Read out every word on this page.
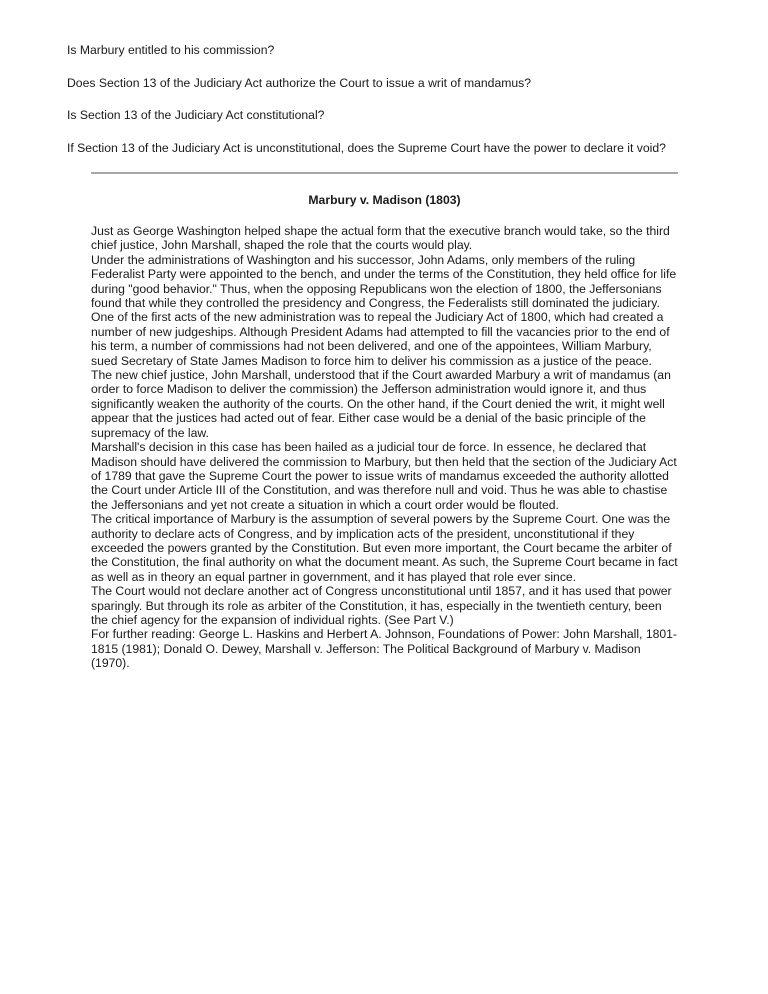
Is Marbury entitled to his commission?

Does Section 13 of the Judiciary Act authorize the Court to issue a writ of mandamus?

Is Section 13 of the Judiciary Act constitutional?

If Section 13 of the Judiciary Act is unconstitutional, does the Supreme Court have the power to declare it void?

Marbury v. Madison (1803)

Just as George Washington helped shape the actual form that the executive branch would take, so the third chief justice, John Marshall, shaped the role that the courts would play.

Under the administrations of Washington and his successor, John Adams, only members of the ruling Federalist Party were appointed to the bench, and under the terms of the Constitution, they held office for life during "good behavior." Thus, when the opposing Republicans won the election of 1800, the Jeffersonians found that while they controlled the presidency and Congress, the Federalists still dominated the judiciary. One of the first acts of the new administration was to repeal the Judiciary Act of 1800, which had created a number of new judgeships. Although President Adams had attempted to fill the vacancies prior to the end of his term, a number of commissions had not been delivered, and one of the appointees, William Marbury, sued Secretary of State James Madison to force him to deliver his commission as a justice of the peace.

The new chief justice, John Marshall, understood that if the Court awarded Marbury a writ of mandamus (an order to force Madison to deliver the commission) the Jefferson administration would ignore it, and thus significantly weaken the authority of the courts. On the other hand, if the Court denied the writ, it might well appear that the justices had acted out of fear. Either case would be a denial of the basic principle of the supremacy of the law.

Marshall's decision in this case has been hailed as a judicial tour de force. In essence, he declared that Madison should have delivered the commission to Marbury, but then held that the section of the Judiciary Act of 1789 that gave the Supreme Court the power to issue writs of mandamus exceeded the authority allotted the Court under Article III of the Constitution, and was therefore null and void. Thus he was able to chastise the Jeffersonians and yet not create a situation in which a court order would be flouted.

The critical importance of Marbury is the assumption of several powers by the Supreme Court. One was the authority to declare acts of Congress, and by implication acts of the president, unconstitutional if they exceeded the powers granted by the Constitution. But even more important, the Court became the arbiter of the Constitution, the final authority on what the document meant. As such, the Supreme Court became in fact as well as in theory an equal partner in government, and it has played that role ever since.

The Court would not declare another act of Congress unconstitutional until 1857, and it has used that power sparingly. But through its role as arbiter of the Constitution, it has, especially in the twentieth century, been the chief agency for the expansion of individual rights. (See Part V.)

For further reading: George L. Haskins and Herbert A. Johnson, Foundations of Power: John Marshall, 1801-1815 (1981); Donald O. Dewey, Marshall v. Jefferson: The Political Background of Marbury v. Madison (1970).
